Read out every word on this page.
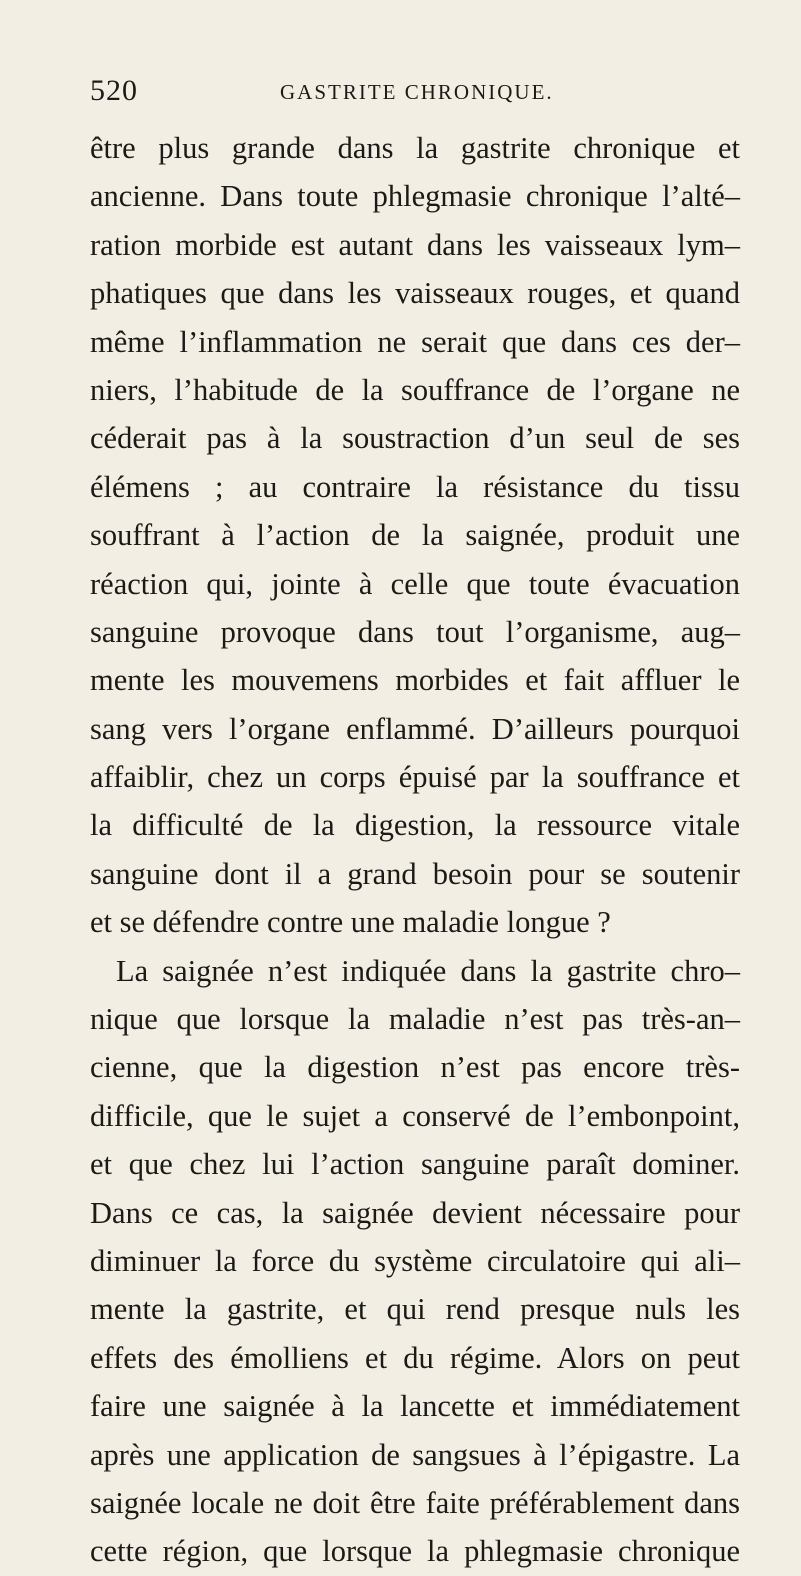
520	GASTRITE CHRONIQUE.
être plus grande dans la gastrite chronique et
ancienne. Dans toute phlegmasie chronique l’alté–
ration morbide est autant dans les vaisseaux lym–
phatiques que dans les vaisseaux rouges, et quand
même l’inflammation ne serait que dans ces der–
niers, l’habitude de la souffrance de l’organe ne
céderait pas à la soustraction d’un seul de ses
élémens ; au contraire la résistance du tissu
souffrant à l’action de la saignée, produit une
réaction qui, jointe à celle que toute évacuation
sanguine provoque dans tout l’organisme, aug–
mente les mouvemens morbides et fait affluer le
sang vers l’organe enflammé. D’ailleurs pourquoi
affaiblir, chez un corps épuisé par la souffrance et
la difficulté de la digestion, la ressource vitale
sanguine dont il a grand besoin pour se soutenir
et se défendre contre une maladie longue ?
La saignée n’est indiquée dans la gastrite chro–
nique que lorsque la maladie n’est pas très-an–
cienne, que la digestion n’est pas encore très-
difficile, que le sujet a conservé de l’embonpoint,
et que chez lui l’action sanguine paraît dominer.
Dans ce cas, la saignée devient nécessaire pour
diminuer la force du système circulatoire qui ali–
mente la gastrite, et qui rend presque nuls les
effets des émolliens et du régime. Alors on peut
faire une saignée à la lancette et immédiatement
après une application de sangsues à l’épigastre. La
saignée locale ne doit être faite préférablement dans
cette région, que lorsque la phlegmasie chronique
